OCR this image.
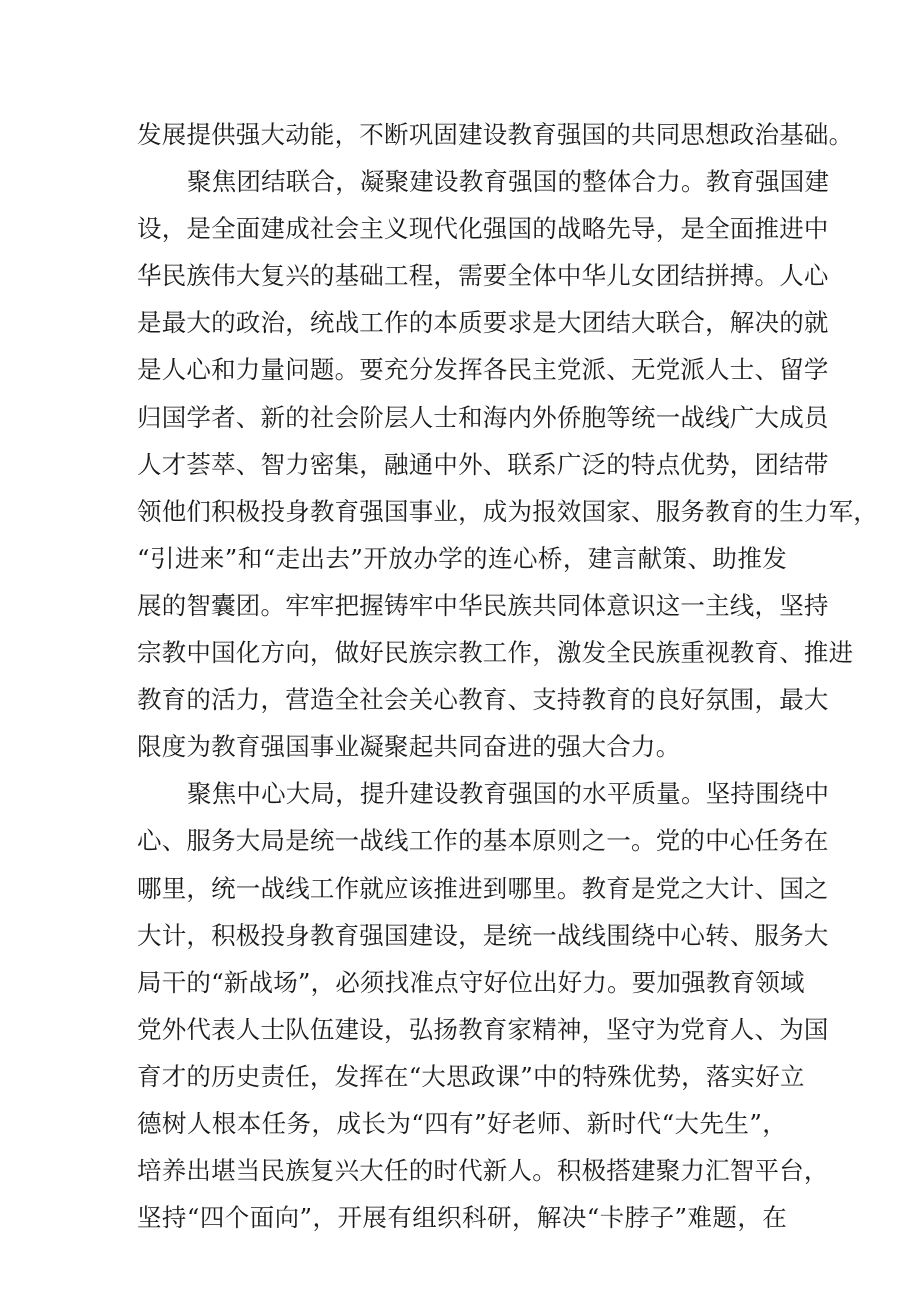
发展提供强大动能，不断巩固建设教育强国的共同思想政治基础。
聚焦团结联合，凝聚建设教育强国的整体合力。教育强国建
设，是全面建成社会主义现代化强国的战略先导，是全面推进中
华民族伟大复兴的基础工程，需要全体中华儿女团结拼搏。人心
是最大的政治，统战工作的本质要求是大团结大联合，解决的就
是人心和力量问题。要充分发挥各民主党派、无党派人士、留学
归国学者、新的社会阶层人士和海内外侨胞等统一战线广大成员
人才荟萃、智力密集，融通中外、联系广泛的特点优势，团结带
领他们积极投身教育强国事业，成为报效国家、服务教育的生力军，
“引进来”和“走出去”开放办学的连心桥，建言献策、助推发
展的智囊团。牢牢把握铸牢中华民族共同体意识这一主线，坚持
宗教中国化方向，做好民族宗教工作，激发全民族重视教育、推进
教育的活力，营造全社会关心教育、支持教育的良好氛围，最大
限度为教育强国事业凝聚起共同奋进的强大合力。
聚焦中心大局，提升建设教育强国的水平质量。坚持围绕中
心、服务大局是统一战线工作的基本原则之一。党的中心任务在
哪里，统一战线工作就应该推进到哪里。教育是党之大计、国之
大计，积极投身教育强国建设，是统一战线围绕中心转、服务大
局干的“新战场”，必须找准点守好位出好力。要加强教育领域
党外代表人士队伍建设，弘扬教育家精神，坚守为党育人、为国
育才的历史责任，发挥在“大思政课”中的特殊优势，落实好立
德树人根本任务，成长为“四有”好老师、新时代“大先生”，
培养出堪当民族复兴大任的时代新人。积极搭建聚力汇智平台，
坚持“四个面向”，开展有组织科研，解决“卡脖子”难题，在
